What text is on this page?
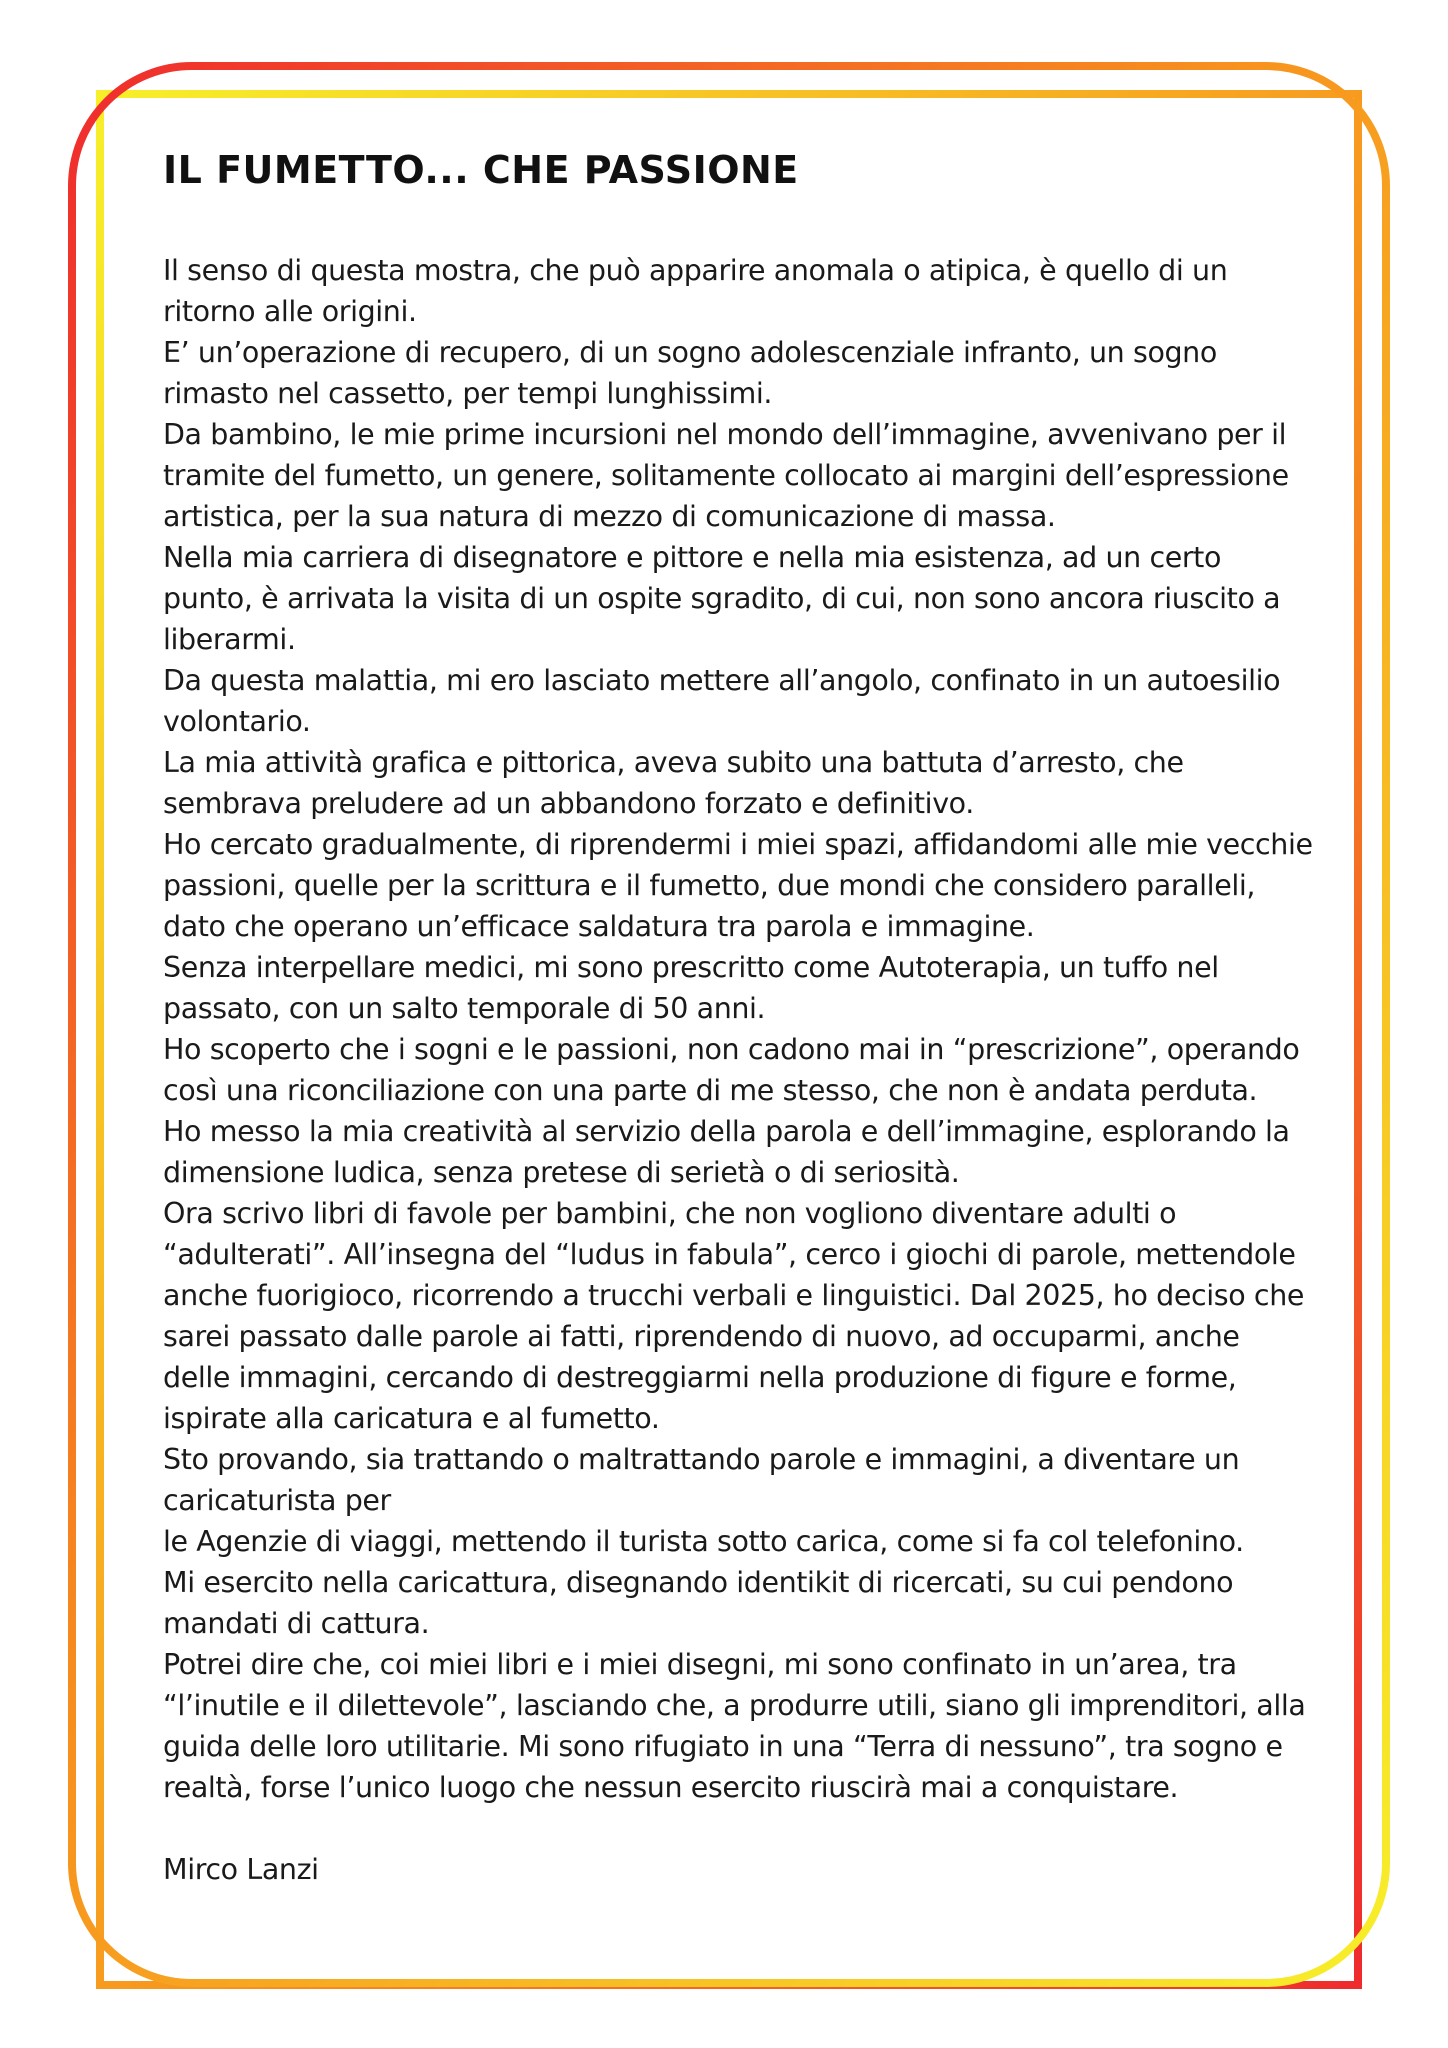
IL FUMETTO... CHE PASSIONE

Il senso di questa mostra, che può apparire anomala o atipica, è quello di un ritorno alle origini.

E’ un’operazione di recupero, di un sogno adolescenziale infranto, un sogno rimasto nel cassetto, per tempi lunghissimi.

Da bambino, le mie prime incursioni nel mondo dell’immagine, avvenivano per il tramite del fumetto, un genere, solitamente collocato ai margini dell’espressione artistica, per la sua natura di mezzo di comunicazione di massa.

Nella mia carriera di disegnatore e pittore e nella mia esistenza, ad un certo punto, è arrivata la visita di un ospite sgradito, di cui, non sono ancora riuscito a liberarmi.

Da questa malattia, mi ero lasciato mettere all’angolo, confinato in un autoesilio volontario.

La mia attività grafica e pittorica, aveva subito una battuta d’arresto, che sembrava preludere ad un abbandono forzato e definitivo.

Ho cercato gradualmente, di riprendermi i miei spazi, affidandomi alle mie vecchie passioni, quelle per la scrittura e il fumetto, due mondi che considero paralleli, dato che operano un’efficace saldatura tra parola e immagine.

Senza interpellare medici, mi sono prescritto come Autoterapia, un tuffo nel passato, con un salto temporale di 50 anni.

Ho scoperto che i sogni e le passioni, non cadono mai in “prescrizione”, operando così una riconciliazione con una parte di me stesso, che non è andata perduta.

Ho messo la mia creatività al servizio della parola e dell’immagine, esplorando la dimensione ludica, senza pretese di serietà o di seriosità.

Ora scrivo libri di favole per bambini, che non vogliono diventare adulti o “adulterati”. All’insegna del “ludus in fabula”, cerco i giochi di parole, mettendole anche fuorigioco, ricorrendo a trucchi verbali e linguistici. Dal 2025, ho deciso che sarei passato dalle parole ai fatti, riprendendo di nuovo, ad occuparmi, anche delle immagini, cercando di destreggiarmi nella produzione di figure e forme, ispirate alla caricatura e al fumetto.

Sto provando, sia trattando o maltrattando parole e immagini, a diventare un caricaturista per

le Agenzie di viaggi, mettendo il turista sotto carica, come si fa col telefonino.

Mi esercito nella caricattura, disegnando identikit di ricercati, su cui pendono mandati di cattura.

Potrei dire che, coi miei libri e i miei disegni, mi sono confinato in un’area, tra “l’inutile e il dilettevole”, lasciando che, a produrre utili, siano gli imprenditori, alla guida delle loro utilitarie. Mi sono rifugiato in una “Terra di nessuno”, tra sogno e realtà, forse l’unico luogo che nessun esercito riuscirà mai a conquistare.

Mirco Lanzi
